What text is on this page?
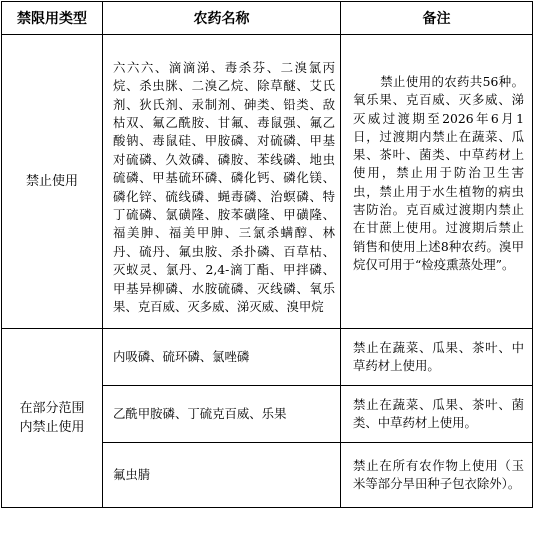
禁限用类型	农药名称	备注

禁止使用	六六六、滴滴涕、毒杀芬、二溴氯丙烷、杀虫脒、二溴乙烷、除草醚、艾氏剂、狄氏剂、汞制剂、砷类、铅类、敌枯双、氟乙酰胺、甘氟、毒鼠强、氟乙酸钠、毒鼠硅、甲胺磷、对硫磷、甲基对硫磷、久效磷、磷胺、苯线磷、地虫硫磷、甲基硫环磷、磷化钙、磷化镁、磷化锌、硫线磷、蝇毒磷、治螟磷、特丁硫磷、氯磺隆、胺苯磺隆、甲磺隆、福美胂、福美甲胂、三氯杀螨醇、林丹、硫丹、氟虫胺、杀扑磷、百草枯、灭蚁灵、氯丹、2,4-滴丁酯、甲拌磷、甲基异柳磷、水胺硫磷、灭线磷、氧乐果、克百威、灭多威、涕灭威、溴甲烷	禁止使用的农药共56种。氧乐果、克百威、灭多威、涕灭威过渡期至2026年6月1日，过渡期内禁止在蔬菜、瓜果、茶叶、菌类、中草药材上使用，禁止用于防治卫生害虫，禁止用于水生植物的病虫害防治。克百威过渡期内禁止在甘蔗上使用。过渡期后禁止销售和使用上述8种农药。溴甲烷仅可用于“检疫熏蒸处理”。

在部分范围
内禁止使用	内吸磷、硫环磷、氯唑磷	禁止在蔬菜、瓜果、茶叶、中草药材上使用。
	乙酰甲胺磷、丁硫克百威、乐果	禁止在蔬菜、瓜果、茶叶、菌类、中草药材上使用。
	氟虫腈	禁止在所有农作物上使用（玉米等部分旱田种子包衣除外）。
